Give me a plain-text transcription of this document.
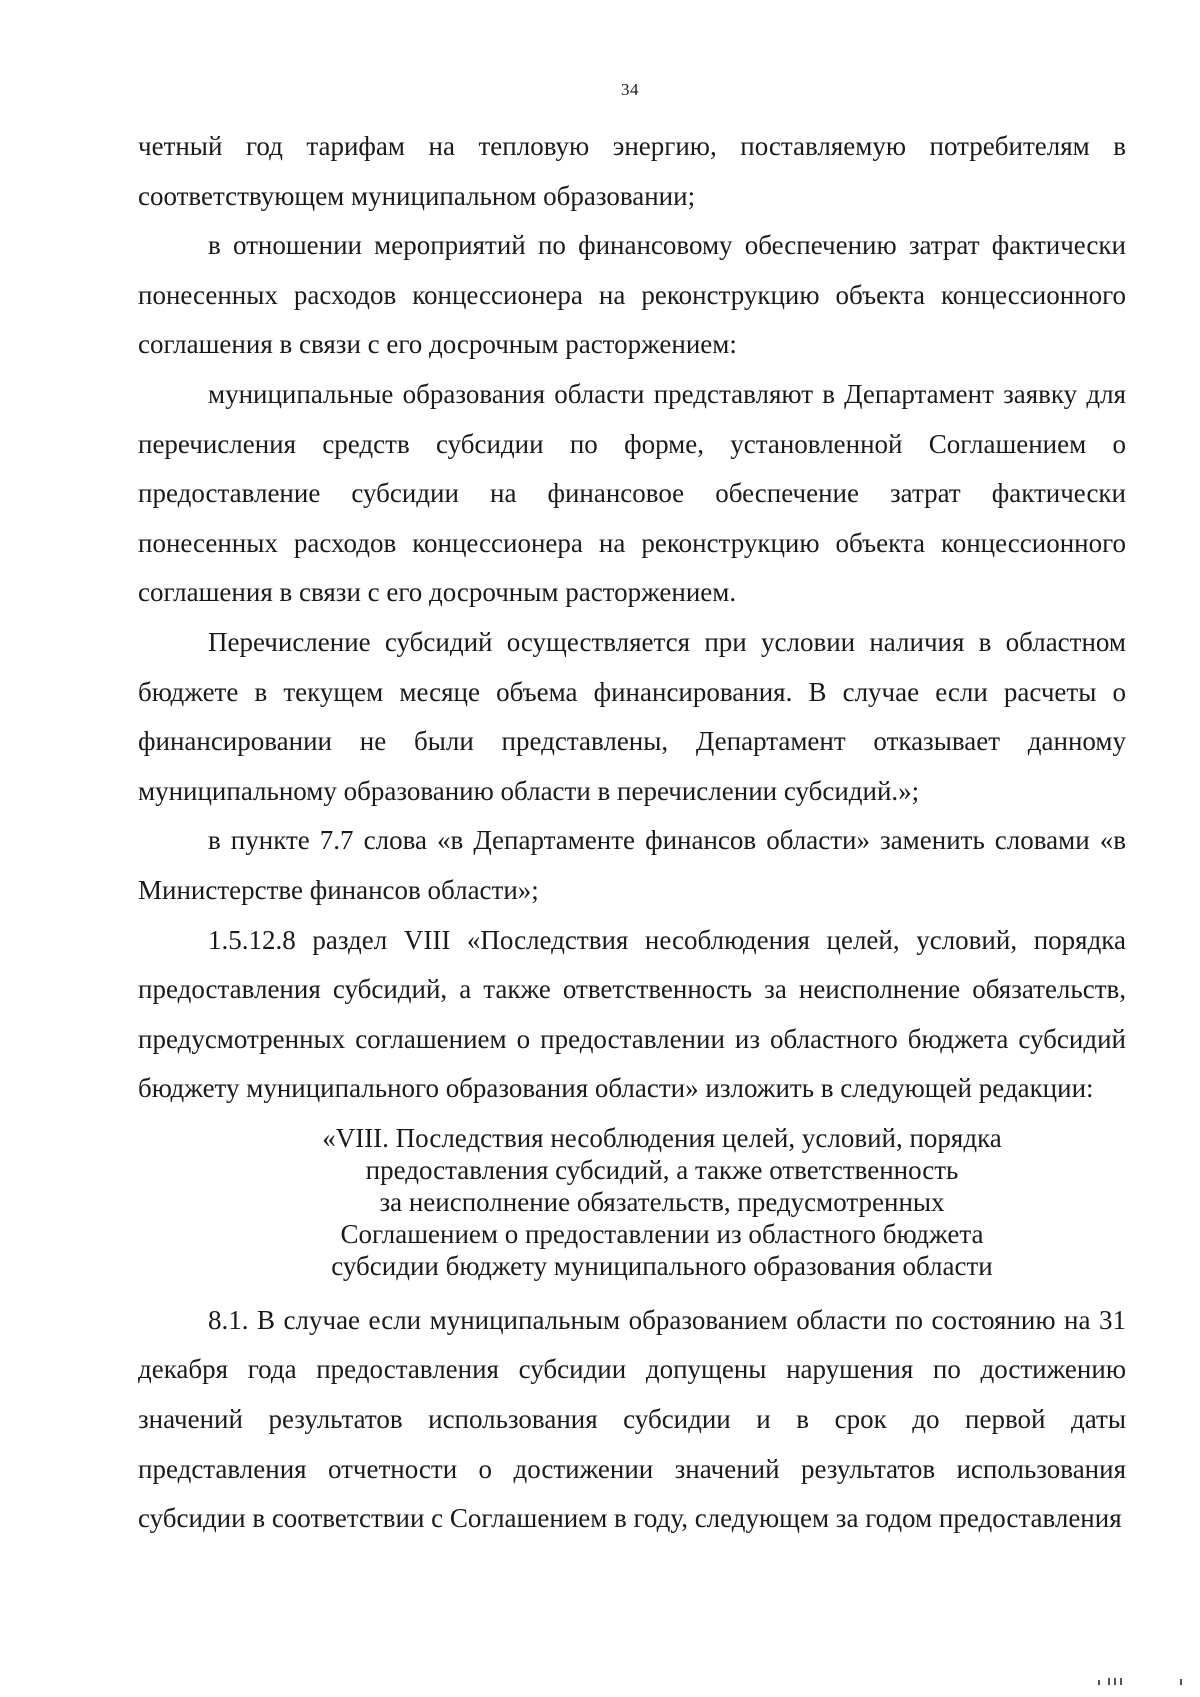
34

четный год тарифам на тепловую энергию, поставляемую потребителям в соответствующем муниципальном образовании;

в отношении мероприятий по финансовому обеспечению затрат фактически понесенных расходов концессионера на реконструкцию объекта концессионного соглашения в связи с его досрочным расторжением:

муниципальные образования области представляют в Департамент заявку для перечисления средств субсидии по форме, установленной Соглашением о предоставление субсидии на финансовое обеспечение затрат фактически понесенных расходов концессионера на реконструкцию объекта концессионного соглашения в связи с его досрочным расторжением.

Перечисление субсидий осуществляется при условии наличия в областном бюджете в текущем месяце объема финансирования. В случае если расчеты о финансировании не были представлены, Департамент отказывает данному муниципальному образованию области в перечислении субсидий.»;

в пункте 7.7 слова «в Департаменте финансов области» заменить словами «в Министерстве финансов области»;

1.5.12.8 раздел VIII «Последствия несоблюдения целей, условий, порядка предоставления субсидий, а также ответственность за неисполнение обязательств, предусмотренных соглашением о предоставлении из областного бюджета субсидий бюджету муниципального образования области» изложить в следующей редакции:

«VIII. Последствия несоблюдения целей, условий, порядка
предоставления субсидий, а также ответственность
за неисполнение обязательств, предусмотренных
Соглашением о предоставлении из областного бюджета
субсидии бюджету муниципального образования области

8.1. В случае если муниципальным образованием области по состоянию на 31 декабря года предоставления субсидии допущены нарушения по достижению значений результатов использования субсидии и в срок до первой даты представления отчетности о достижении значений результатов использования субсидии в соответствии с Соглашением в году, следующем за годом предоставления
